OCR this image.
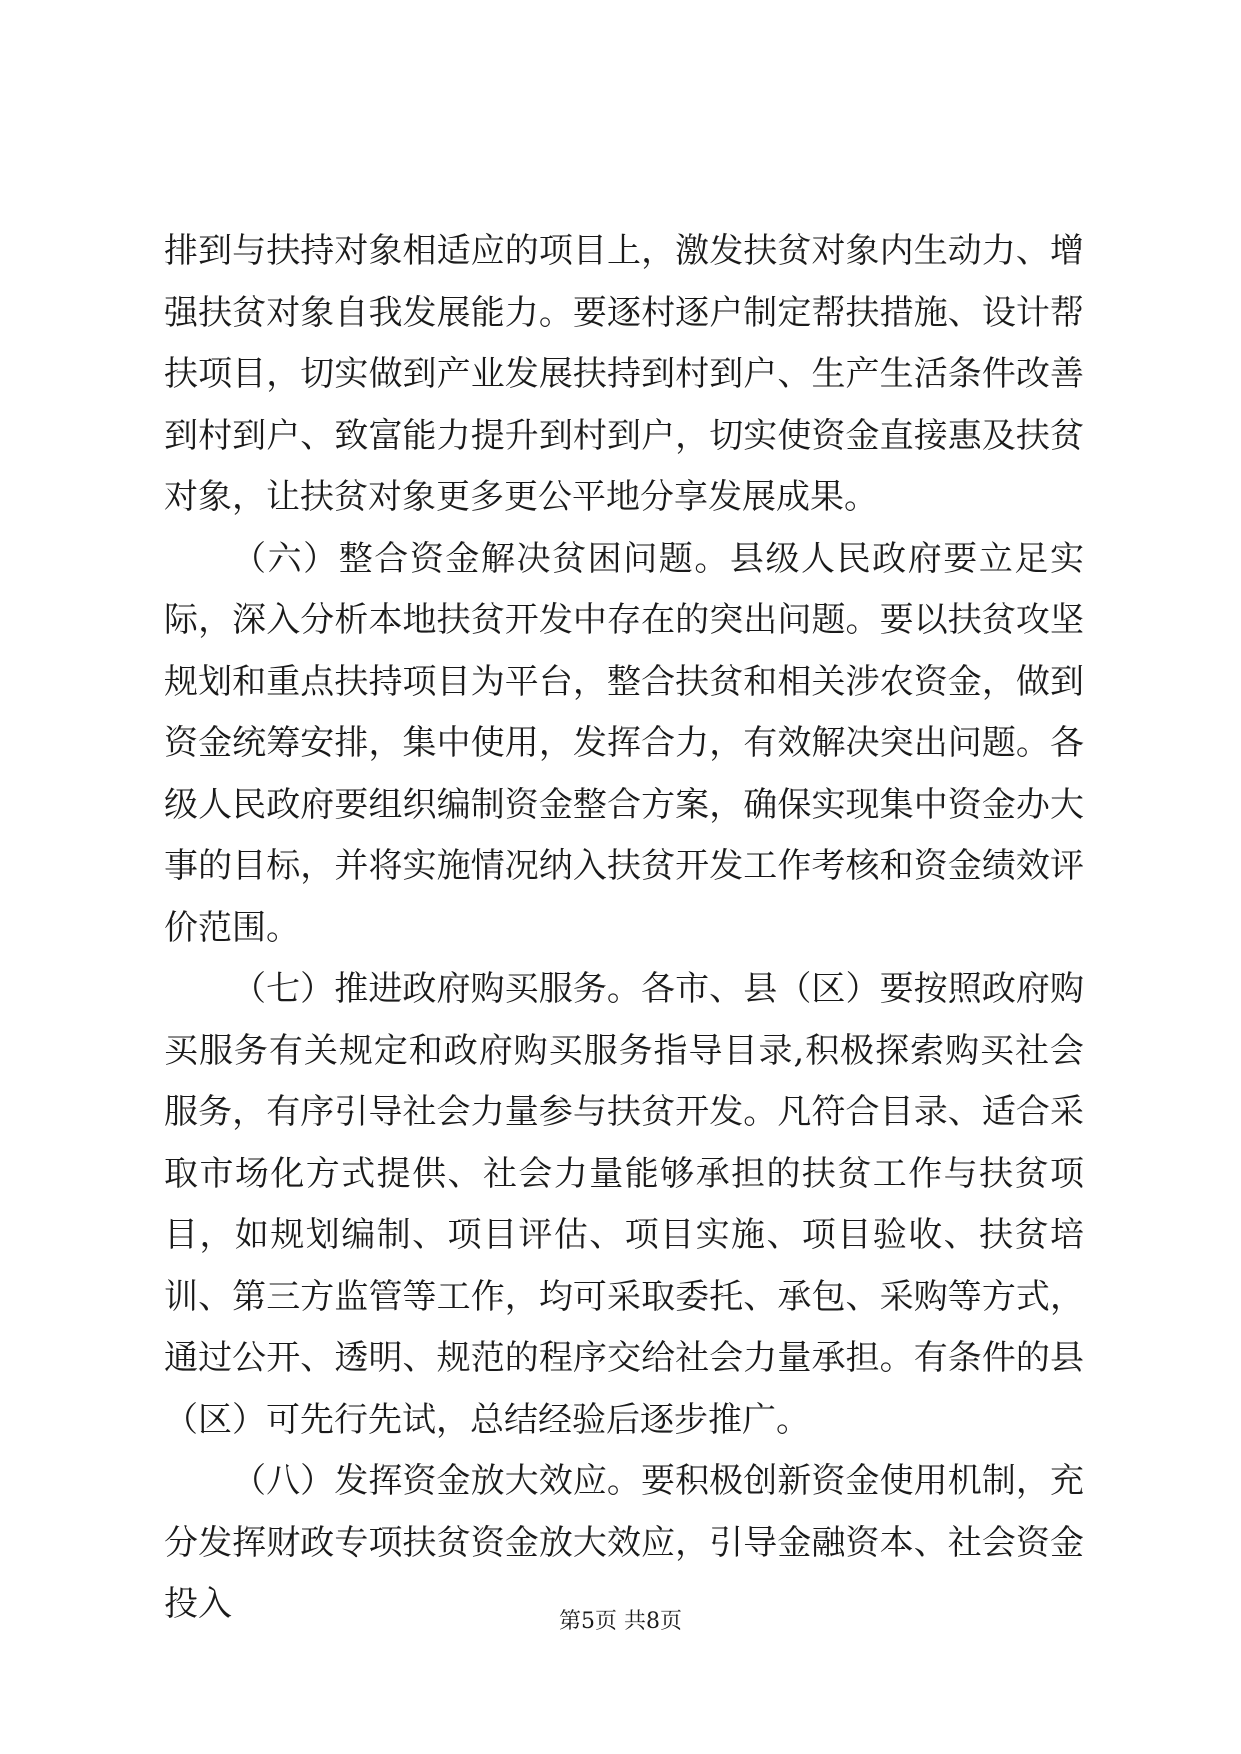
排到与扶持对象相适应的项目上，激发扶贫对象内生动力、增强扶贫对象自我发展能力。要逐村逐户制定帮扶措施、设计帮扶项目，切实做到产业发展扶持到村到户、生产生活条件改善到村到户、致富能力提升到村到户，切实使资金直接惠及扶贫对象，让扶贫对象更多更公平地分享发展成果。

（六）整合资金解决贫困问题。县级人民政府要立足实际，深入分析本地扶贫开发中存在的突出问题。要以扶贫攻坚规划和重点扶持项目为平台，整合扶贫和相关涉农资金，做到资金统筹安排，集中使用，发挥合力，有效解决突出问题。各级人民政府要组织编制资金整合方案，确保实现集中资金办大事的目标，并将实施情况纳入扶贫开发工作考核和资金绩效评价范围。

（七）推进政府购买服务。各市、县（区）要按照政府购买服务有关规定和政府购买服务指导目录,积极探索购买社会服务，有序引导社会力量参与扶贫开发。凡符合目录、适合采取市场化方式提供、社会力量能够承担的扶贫工作与扶贫项目，如规划编制、项目评估、项目实施、项目验收、扶贫培训、第三方监管等工作，均可采取委托、承包、采购等方式，通过公开、透明、规范的程序交给社会力量承担。有条件的县（区）可先行先试，总结经验后逐步推广。

（八）发挥资金放大效应。要积极创新资金使用机制，充分发挥财政专项扶贫资金放大效应，引导金融资本、社会资金投入	第5页 共8页
